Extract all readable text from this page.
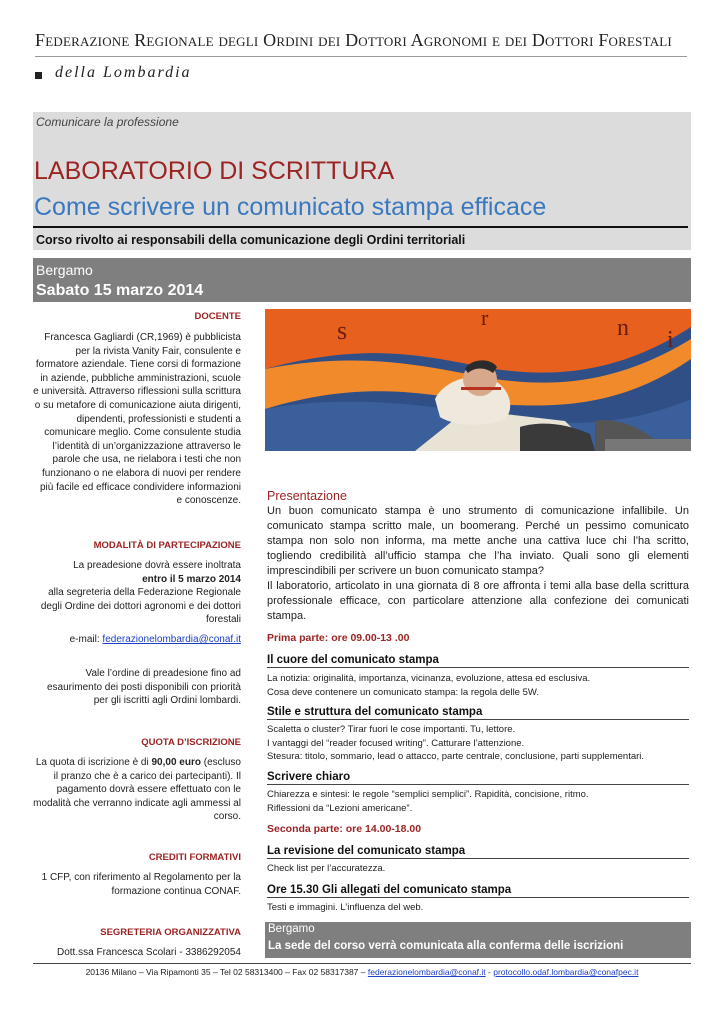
Federazione Regionale degli Ordini dei Dottori Agronomi e dei Dottori Forestali
della Lombardia
Comunicare la professione
LABORATORIO DI SCRITTURA
Come scrivere un comunicato stampa efficace
Corso rivolto ai responsabili della comunicazione degli Ordini territoriali
Bergamo
Sabato 15 marzo 2014
DOCENTE
Francesca Gagliardi (CR,1969) è pubblicista per la rivista Vanity Fair, consulente e formatore aziendale. Tiene corsi di formazione in aziende, pubbliche amministrazioni, scuole e università. Attraverso riflessioni sulla scrittura o su metafore di comunicazione aiuta dirigenti, dipendenti, professionisti e studenti a comunicare meglio. Come consulente studia l’identità di un’organizzazione attraverso le parole che usa, ne rielabora i testi che non funzionano o ne elabora di nuovi per rendere più facile ed efficace condividere informazioni e conoscenze.
MODALITÀ DI PARTECIPAZIONE
La preadesione dovrà essere inoltrata
entro il 5 marzo 2014
alla segreteria della Federazione Regionale degli Ordine dei dottori agronomi e dei dottori forestali
e-mail: federazionelombardia@conaf.it
Vale l’ordine di preadesione fino ad esaurimento dei posti disponibili con priorità per gli iscritti agli Ordini lombardi.
QUOTA D’ISCRIZIONE
La quota di iscrizione è di 90,00 euro (escluso il pranzo che è a carico dei partecipanti). Il pagamento dovrà essere effettuato con le modalità che verranno indicate agli ammessi al corso.
CREDITI FORMATIVI
1 CFP, con riferimento al Regolamento per la formazione continua CONAF.
SEGRETERIA ORGANIZZATIVA
Dott.ssa Francesca Scolari - 3386292054
s	r	n i
Presentazione
Un buon comunicato stampa è uno strumento di comunicazione infallibile. Un comunicato stampa scritto male, un boomerang. Perché un pessimo comunicato stampa non solo non informa, ma mette anche una cattiva luce chi l’ha scritto, togliendo credibilità all’ufficio stampa che l’ha inviato. Quali sono gli elementi imprescindibili per scrivere un buon comunicato stampa?
Il laboratorio, articolato in una giornata di 8 ore affronta i temi alla base della scrittura professionale efficace, con particolare attenzione alla confezione dei comunicati stampa.
Prima parte: ore 09.00-13 .00
Il cuore del comunicato stampa
La notizia: originalità, importanza, vicinanza, evoluzione, attesa ed esclusiva.
Cosa deve contenere un comunicato stampa: la regola delle 5W.
Stile e struttura del comunicato stampa
Scaletta o cluster? Tirar fuori le cose importanti. Tu, lettore.
I vantaggi del “reader focused writing”. Catturare l’attenzione.
Stesura: titolo, sommario, lead o attacco, parte centrale, conclusione, parti supplementari.
Scrivere chiaro
Chiarezza e sintesi: le regole “semplici semplici”. Rapidità, concisione, ritmo.
Riflessioni da “Lezioni americane”.
Seconda parte: ore 14.00-18.00
La revisione del comunicato stampa
Check list per l’accuratezza.
Ore 15.30 Gli allegati del comunicato stampa
Testi e immagini. L’influenza del web.
Bergamo
La sede del corso verrà comunicata alla conferma delle iscrizioni
20136 Milano – Via Ripamonti 35 – Tel 02 58313400 – Fax 02 58317387 – federazionelombardia@conaf.it - protocollo.odaf.lombardia@conafpec.it
